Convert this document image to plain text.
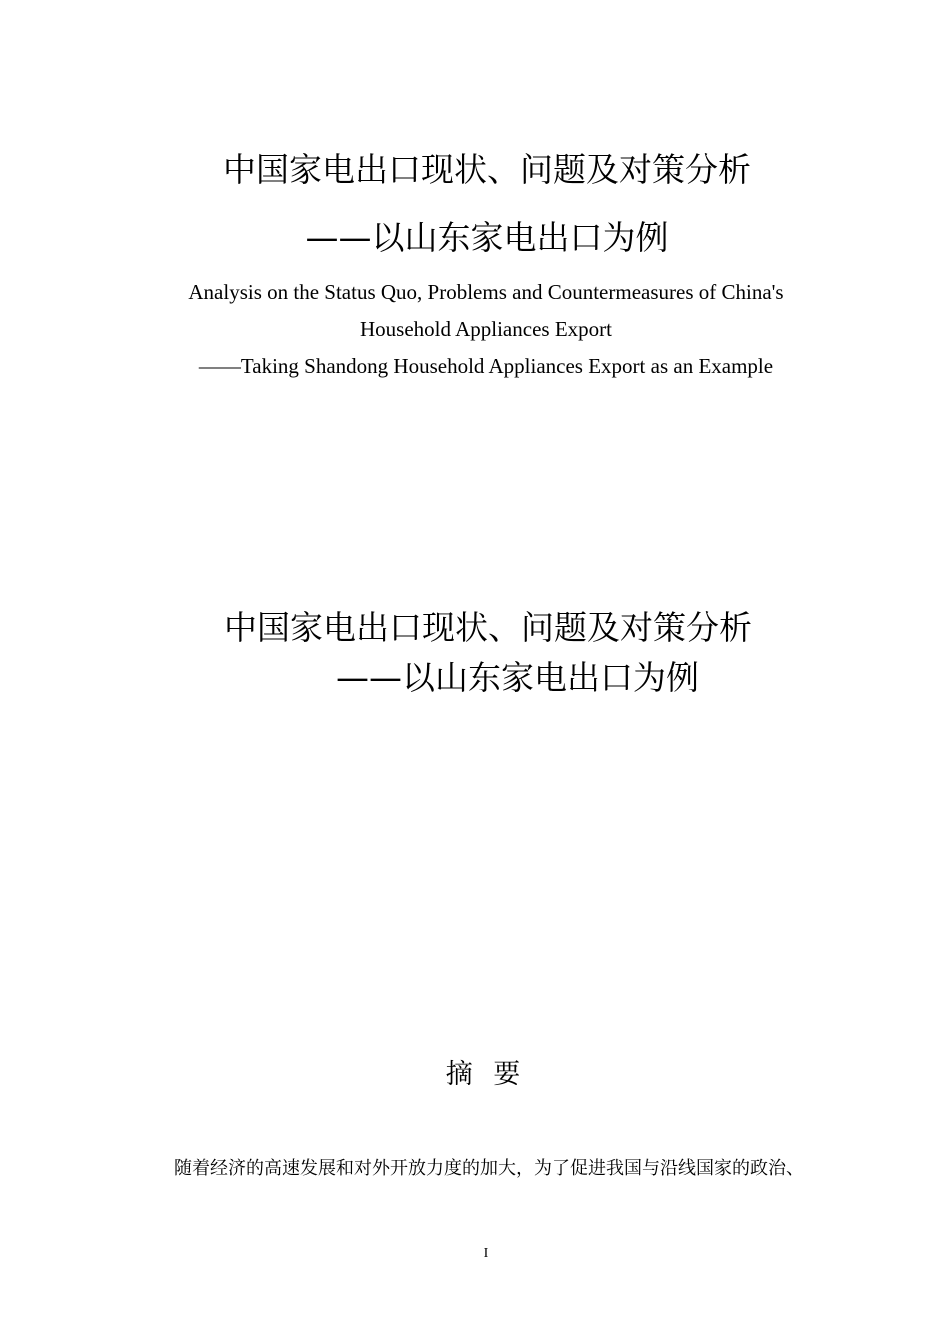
中国家电出口现状、问题及对策分析
——以山东家电出口为例
Analysis on the Status Quo, Problems and Countermeasures of China's
Household Appliances Export
——Taking Shandong Household Appliances Export as an Example
中国家电出口现状、问题及对策分析
——以山东家电出口为例
摘 要
随着经济的高速发展和对外开放力度的加大，为了促进我国与沿线国家的政治、
I
